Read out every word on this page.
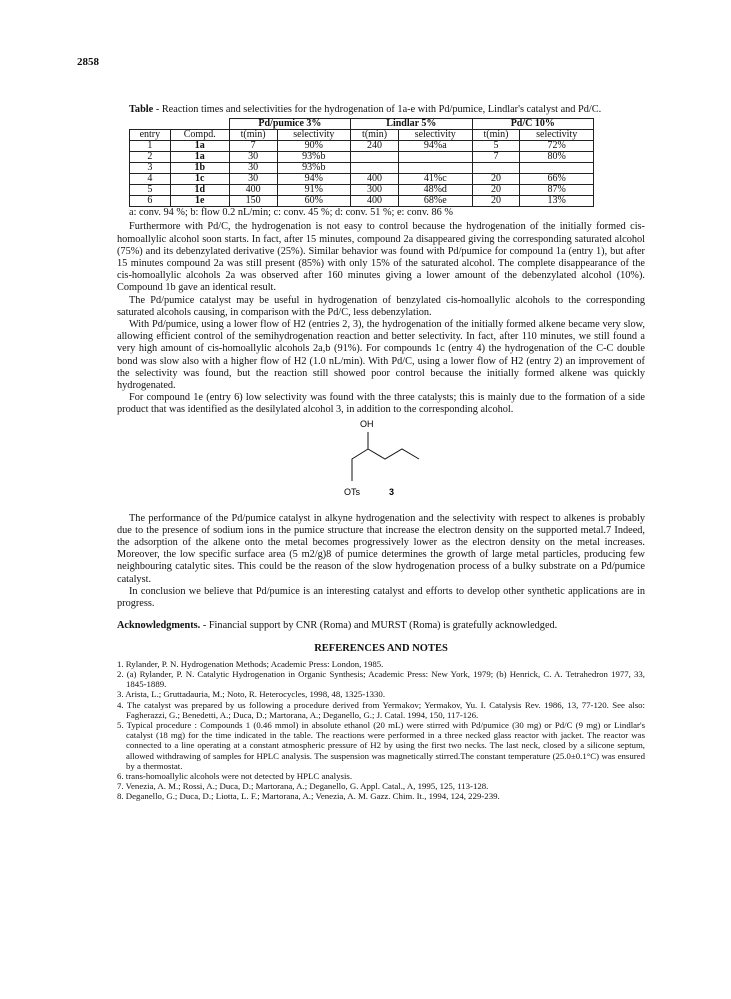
2858
Table - Reaction times and selectivities for the hydrogenation of 1a-e with Pd/pumice, Lindlar's catalyst and Pd/C.
		Pd/pumice 3%		Lindlar 5%		Pd/C 10%	
entry	Compd.	t(min)	selectivity	t(min)	selectivity	t(min)	selectivity
1	1a	7	90%	240	94%a	5	72%
2	1a	30	93%b			7	80%
3	1b	30	93%b				
4	1c	30	94%	400	41%c	20	66%
5	1d	400	91%	300	48%d	20	87%
6	1e	150	60%	400	68%e	20	13%
a: conv. 94 %; b: flow 0.2 nL/min; c: conv. 45 %; d: conv. 51 %; e: conv. 86 %

Furthermore with Pd/C, the hydrogenation is not easy to control because the hydrogenation of the initially formed cis-homoallylic alcohol soon starts. In fact, after 15 minutes, compound 2a disappeared giving the corresponding saturated alcohol (75%) and its debenzylated derivative (25%). Similar behavior was found with Pd/pumice for compound 1a (entry 1), but after 15 minutes compound 2a was still present (85%) with only 15% of the saturated alcohol. The complete disappearance of the cis-homoallylic alcohols 2a was observed after 160 minutes giving a lower amount of the debenzylated alcohol (10%). Compound 1b gave an identical result.

The Pd/pumice catalyst may be useful in hydrogenation of benzylated cis-homoallylic alcohols to the corresponding saturated alcohols causing, in comparison with the Pd/C, less debenzylation.

With Pd/pumice, using a lower flow of H2 (entries 2, 3), the hydrogenation of the initially formed alkene became very slow, allowing efficient control of the semihydrogenation reaction and better selectivity. In fact, after 110 minutes, we still found a very high amount of cis-homoallylic alcohols 2a,b (91%). For compounds 1c (entry 4) the hydrogenation of the C-C double bond was slow also with a higher flow of H2 (1.0 nL/min). With Pd/C, using a lower flow of H2 (entry 2) an improvement of the selectivity was found, but the reaction still showed poor control because the initially formed alkene was quickly hydrogenated.

For compound 1e (entry 6) low selectivity was found with the three catalysts; this is mainly due to the formation of a side product that was identified as the desilylated alcohol 3, in addition to the corresponding alcohol.

OH
OTs	3

The performance of the Pd/pumice catalyst in alkyne hydrogenation and the selectivity with respect to alkenes is probably due to the presence of sodium ions in the pumice structure that increase the electron density on the supported metal.7 Indeed, the adsorption of the alkene onto the metal becomes progressively lower as the electron density on the metal increases. Moreover, the low specific surface area (5 m2/g)8 of pumice determines the growth of large metal particles, producing few neighbouring catalytic sites. This could be the reason of the slow hydrogenation process of a bulky substrate on a Pd/pumice catalyst.

In conclusion we believe that Pd/pumice is an interesting catalyst and efforts to develop other synthetic applications are in progress.

Acknowledgments. - Financial support by CNR (Roma) and MURST (Roma) is gratefully acknowledged.
REFERENCES AND NOTES
1. Rylander, P. N. Hydrogenation Methods; Academic Press: London, 1985.
2. (a) Rylander, P. N. Catalytic Hydrogenation in Organic Synthesis; Academic Press: New York, 1979; (b) Henrick, C. A. Tetrahedron 1977, 33, 1845-1889.
3. Arista, L.; Gruttadauria, M.; Noto, R. Heterocycles, 1998, 48, 1325-1330.
4. The catalyst was prepared by us following a procedure derived from Yermakov; Yermakov, Yu. I. Catalysis Rev. 1986, 13, 77-120. See also: Fagherazzi, G.; Benedetti, A.; Duca, D.; Martorana, A.; Deganello, G.; J. Catal. 1994, 150, 117-126.
5. Typical procedure : Compounds 1 (0.46 mmol) in absolute ethanol (20 mL) were stirred with Pd/pumice (30 mg) or Pd/C (9 mg) or Lindlar's catalyst (18 mg) for the time indicated in the table. The reactions were performed in a three necked glass reactor with jacket. The reactor was connected to a line operating at a constant atmospheric pressure of H2 by using the first two necks. The last neck, closed by a silicone septum, allowed withdrawing of samples for HPLC analysis. The suspension was magnetically stirred.The constant temperature (25.0±0.1°C) was ensured by a thermostat.
6. trans-homoallylic alcohols were not detected by HPLC analysis.
7. Venezia, A. M.; Rossi, A.; Duca, D.; Martorana, A.; Deganello, G. Appl. Catal., A, 1995, 125, 113-128.
8. Deganello, G.; Duca, D.; Liotta, L. F.; Martorana, A.; Venezia, A. M. Gazz. Chim. It., 1994, 124, 229-239.
